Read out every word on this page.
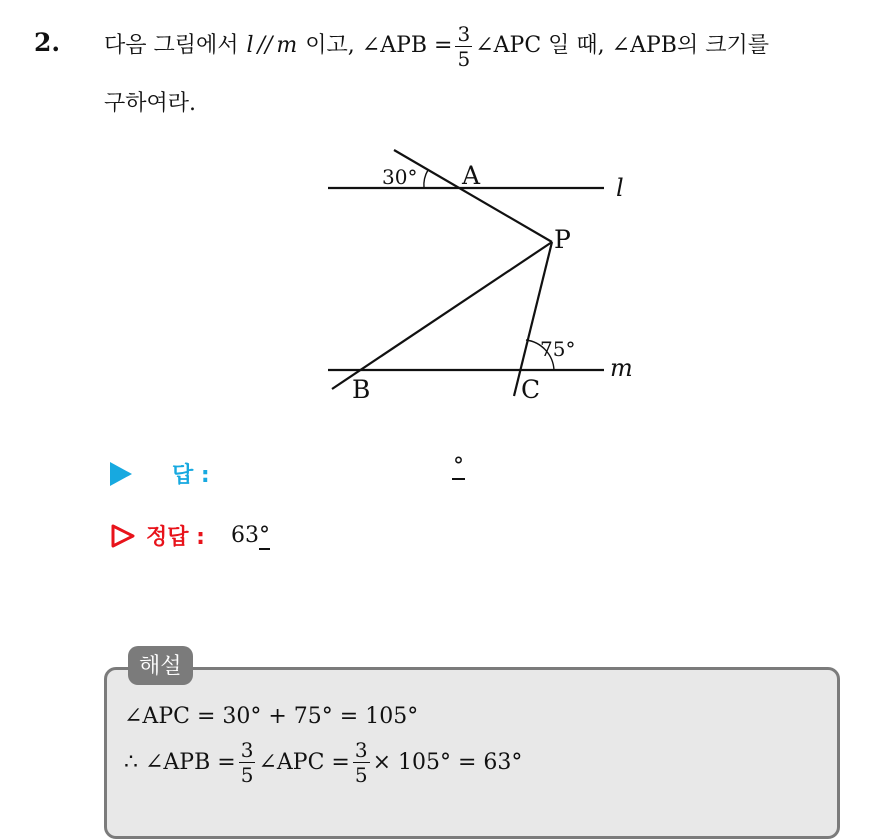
2. 다음 그림에서 l // m 이고, ∠APB = $\frac{3}{5}$ ∠APC 일 때, ∠APB의 크기를
구하여라.
30°
75°
A
P
B	C
l
m
답 :	°
정답 : 63°
해설
∠APC = 30° + 75° = 105°
∴ ∠APB = $\frac{3}{5}$ ∠APC = $\frac{3}{5} \times 105^\circ = 63^\circ$
